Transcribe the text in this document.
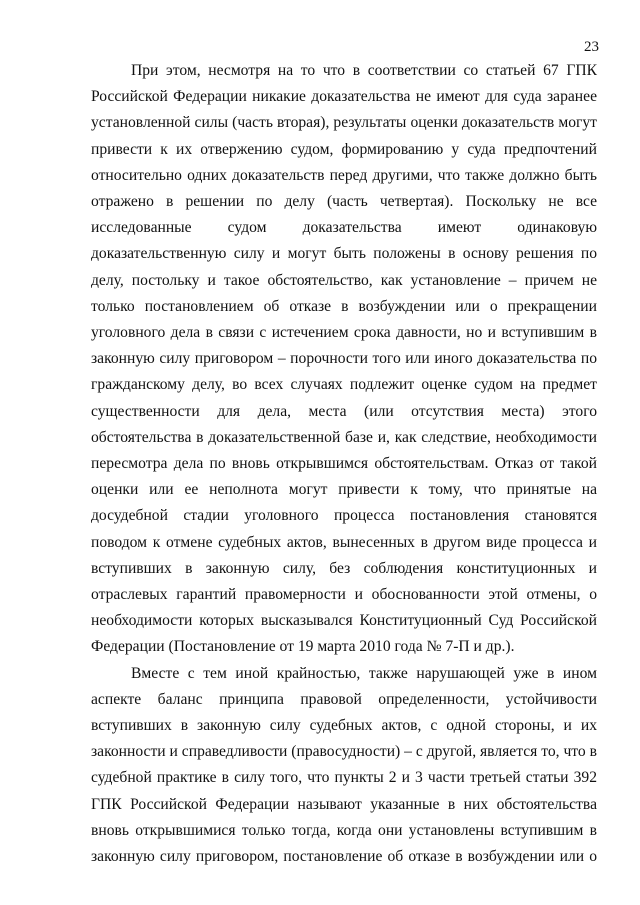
23

При этом, несмотря на то что в соответствии со статьей 67 ГПК Российской Федерации никакие доказательства не имеют для суда заранее установленной силы (часть вторая), результаты оценки доказательств могут привести к их отвержению судом, формированию у суда предпочтений относительно одних доказательств перед другими, что также должно быть отражено в решении по делу (часть четвертая). Поскольку не все исследованные судом доказательства имеют одинаковую доказательственную силу и могут быть положены в основу решения по делу, постольку и такое обстоятельство, как установление – причем не только постановлением об отказе в возбуждении или о прекращении уголовного дела в связи с истечением срока давности, но и вступившим в законную силу приговором – порочности того или иного доказательства по гражданскому делу, во всех случаях подлежит оценке судом на предмет существенности для дела, места (или отсутствия места) этого обстоятельства в доказательственной базе и, как следствие, необходимости пересмотра дела по вновь открывшимся обстоятельствам. Отказ от такой оценки или ее неполнота могут привести к тому, что принятые на досудебной стадии уголовного процесса постановления становятся поводом к отмене судебных актов, вынесенных в другом виде процесса и вступивших в законную силу, без соблюдения конституционных и отраслевых гарантий правомерности и обоснованности этой отмены, о необходимости которых высказывался Конституционный Суд Российской Федерации (Постановление от 19 марта 2010 года № 7-П и др.).

Вместе с тем иной крайностью, также нарушающей уже в ином аспекте баланс принципа правовой определенности, устойчивости вступивших в законную силу судебных актов, с одной стороны, и их законности и справедливости (правосудности) – с другой, является то, что в судебной практике в силу того, что пункты 2 и 3 части третьей статьи 392 ГПК Российской Федерации называют указанные в них обстоятельства вновь открывшимися только тогда, когда они установлены вступившим в законную силу приговором, постановление об отказе в возбуждении или о
